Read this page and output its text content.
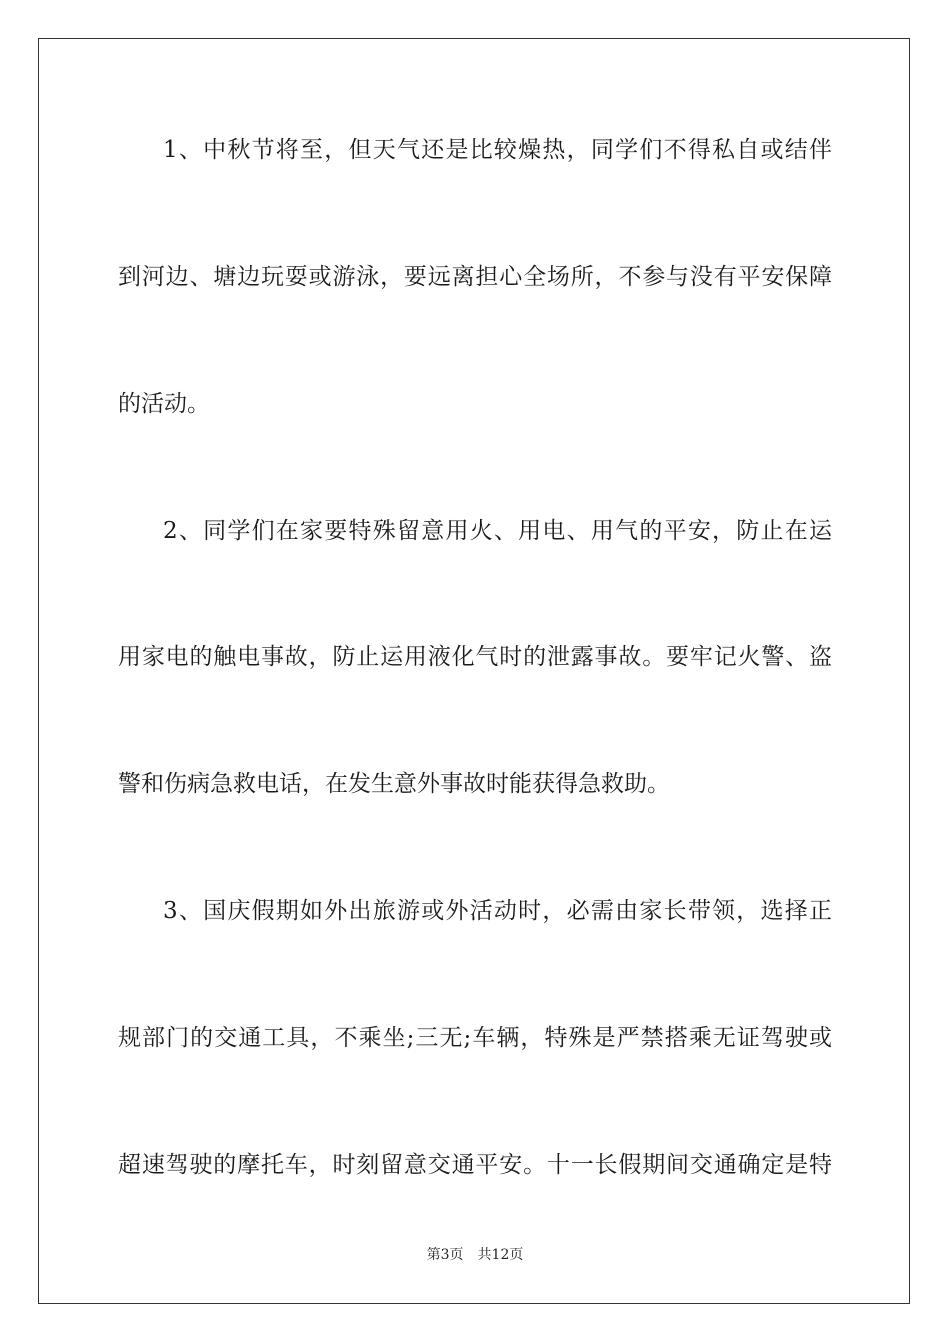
1、中秋节将至，但天气还是比较燥热，同学们不得私自或结伴
到河边、塘边玩耍或游泳，要远离担心全场所，不参与没有平安保障
的活动。
2、同学们在家要特殊留意用火、用电、用气的平安，防止在运
用家电的触电事故，防止运用液化气时的泄露事故。要牢记火警、盗
警和伤病急救电话，在发生意外事故时能获得急救助。
3、国庆假期如外出旅游或外活动时，必需由家长带领，选择正
规部门的交通工具，不乘坐;三无;车辆，特殊是严禁搭乘无证驾驶或
超速驾驶的摩托车，时刻留意交通平安。十一长假期间交通确定是特
第3页 共12页
